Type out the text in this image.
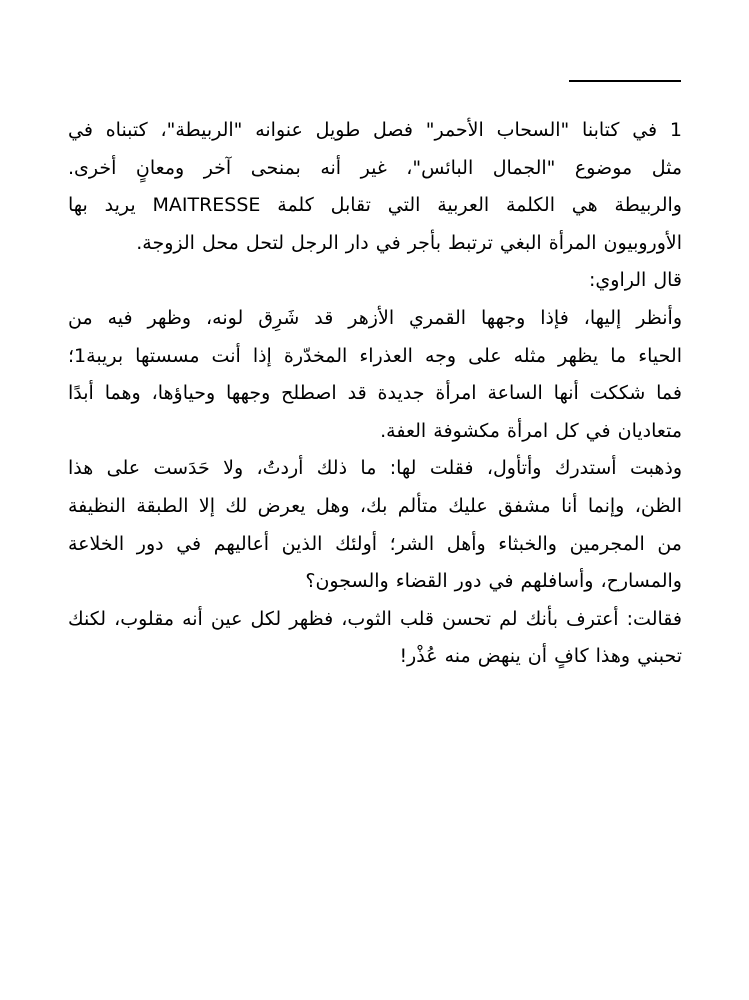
1 في كتابنا "السحاب الأحمر" فصل طويل عنوانه "الربيطة"، كتبناه في
مثل موضوع "الجمال البائس"، غير أنه بمنحى آخر ومعانٍ أخرى.
والربيطة هي الكلمة العربية التي تقابل كلمة MAITRESSE يريد بها
الأوروبيون المرأة البغي ترتبط بأجر في دار الرجل لتحل محل الزوجة.
قال الراوي:
وأنظر إليها، فإذا وجهها القمري الأزهر قد شَرِق لونه، وظهر فيه من
الحياء ما يظهر مثله على وجه العذراء المخدّرة إذا أنت مسستها بريبة1؛
فما شككت أنها الساعة امرأة جديدة قد اصطلح وجهها وحياؤها، وهما أبدًا
متعاديان في كل امرأة مكشوفة العفة.
وذهبت أستدرك وأتأول، فقلت لها: ما ذلك أردتُ، ولا حَدَست على هذا
الظن، وإنما أنا مشفق عليك متألم بك، وهل يعرض لك إلا الطبقة النظيفة
من المجرمين والخبثاء وأهل الشر؛ أولئك الذين أعاليهم في دور الخلاعة
والمسارح، وأسافلهم في دور القضاء والسجون؟
فقالت: أعترف بأنك لم تحسن قلب الثوب، فظهر لكل عين أنه مقلوب، لكنك
تحبني وهذا كافٍ أن ينهض منه عُذْر!
